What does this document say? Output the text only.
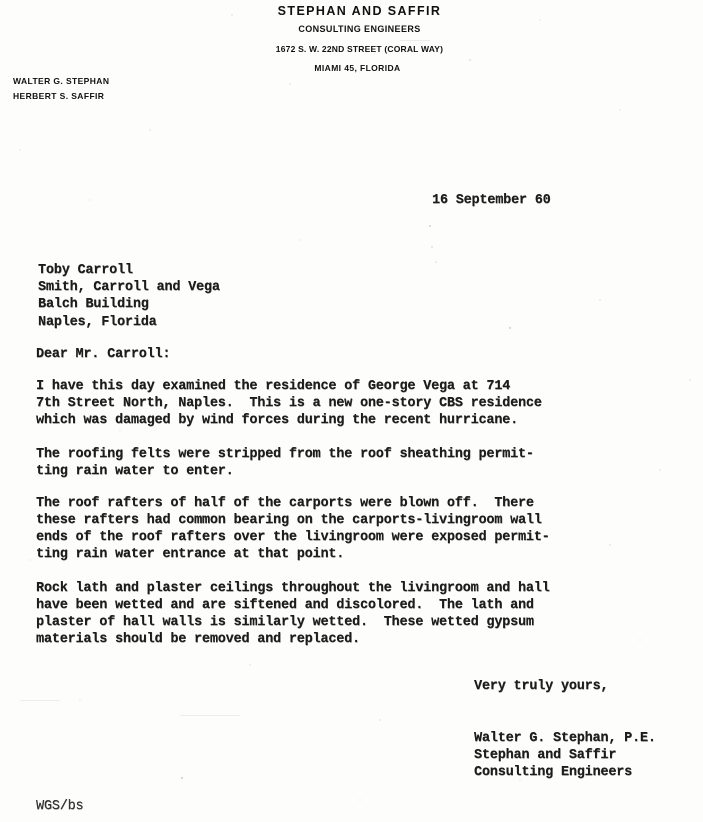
STEPHAN AND SAFFIR
CONSULTING ENGINEERS
1672 S. W. 22ND STREET (CORAL WAY)
MIAMI 45, FLORIDA
WALTER G. STEPHAN
HERBERT S. SAFFIR
16 September 60
Toby Carroll
Smith, Carroll and Vega
Balch Building
Naples, Florida
Dear Mr. Carroll:
I have this day examined the residence of George Vega at 714
7th Street North, Naples.  This is a new one-story CBS residence
which was damaged by wind forces during the recent hurricane.
The roofing felts were stripped from the roof sheathing permit-
ting rain water to enter.
The roof rafters of half of the carports were blown off.  There
these rafters had common bearing on the carports-livingroom wall
ends of the roof rafters over the livingroom were exposed permit-
ting rain water entrance at that point.
Rock lath and plaster ceilings throughout the livingroom and hall
have been wetted and are siftened and discolored.  The lath and
plaster of hall walls is similarly wetted.  These wetted gypsum
materials should be removed and replaced.
Very truly yours,
Walter G. Stephan, P.E.
Stephan and Saffir
Consulting Engineers
WGS/bs
